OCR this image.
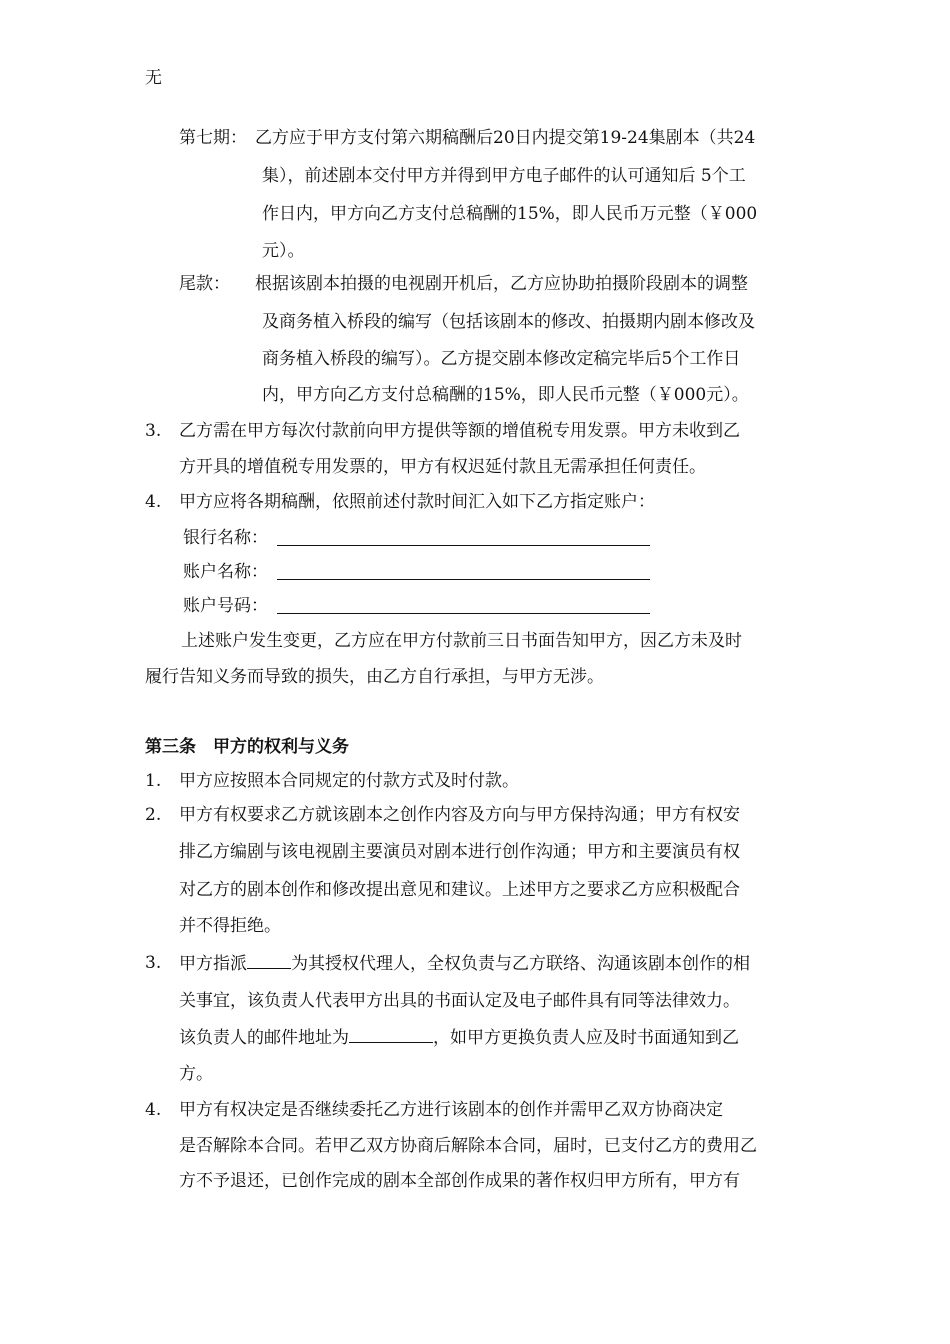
无
第七期： 乙方应于甲方支付第六期稿酬后20日内提交第19-24集剧本（共24
集），前述剧本交付甲方并得到甲方电子邮件的认可通知后 5个工
作日内，甲方向乙方支付总稿酬的15%，即人民币万元整（￥000
元）。
尾款： 根据该剧本拍摄的电视剧开机后，乙方应协助拍摄阶段剧本的调整
及商务植入桥段的编写（包括该剧本的修改、拍摄期内剧本修改及
商务植入桥段的编写）。乙方提交剧本修改定稿完毕后5个工作日
内，甲方向乙方支付总稿酬的15%，即人民币元整（￥000元）。
3. 乙方需在甲方每次付款前向甲方提供等额的增值税专用发票。甲方未收到乙
方开具的增值税专用发票的，甲方有权迟延付款且无需承担任何责任。
4. 甲方应将各期稿酬，依照前述付款时间汇入如下乙方指定账户：
银行名称：
账户名称：
账户号码：
上述账户发生变更，乙方应在甲方付款前三日书面告知甲方，因乙方未及时
履行告知义务而导致的损失，由乙方自行承担，与甲方无涉。
第三条　甲方的权利与义务
1. 甲方应按照本合同规定的付款方式及时付款。
2. 甲方有权要求乙方就该剧本之创作内容及方向与甲方保持沟通；甲方有权安
排乙方编剧与该电视剧主要演员对剧本进行创作沟通；甲方和主要演员有权
对乙方的剧本创作和修改提出意见和建议。上述甲方之要求乙方应积极配合
并不得拒绝。
3. 甲方指派	为其授权代理人，全权负责与乙方联络、沟通该剧本创作的相
关事宜，该负责人代表甲方出具的书面认定及电子邮件具有同等法律效力。
该负责人的邮件地址为	，如甲方更换负责人应及时书面通知到乙
方。
4. 甲方有权决定是否继续委托乙方进行该剧本的创作并需甲乙双方协商决定
是否解除本合同。若甲乙双方协商后解除本合同，届时，已支付乙方的费用乙
方不予退还，已创作完成的剧本全部创作成果的著作权归甲方所有，甲方有
